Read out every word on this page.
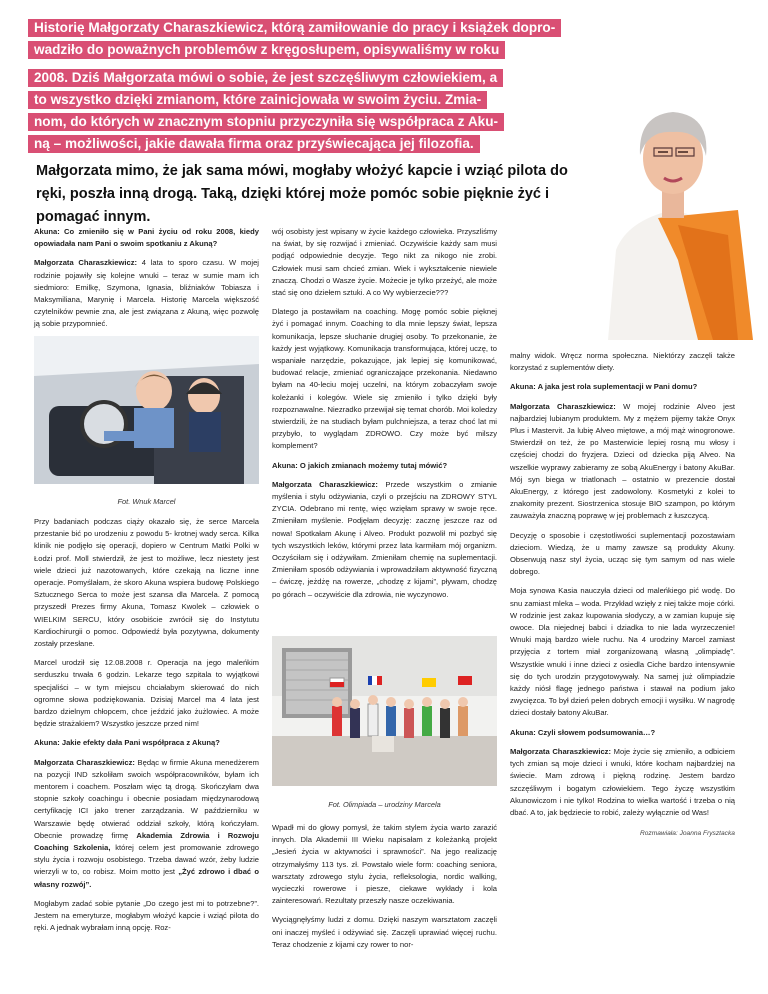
Historię Małgorzaty Charaszkiewicz, którą zamiłowanie do pracy i książek dopro-
wadziło do poważnych problemów z kręgosłupem, opisywaliśmy w roku
2008. Dziś Małgorzata mówi o sobie, że jest szczęśliwym człowiekiem, a
to wszystko dzięki zmianom, które zainicjowała w swoim życiu. Zmia-
nom, do których w znacznym stopniu przyczyniła się współpraca z Aku-
ną – możliwości, jakie dawała firma oraz przyświecająca jej filozofia.
Małgorzata mimo, że jak sama mówi, mogłaby włożyć kapcie i wziąć pilota do ręki, poszła inną drogą. Taką, dzięki której może pomóc sobie pięknie żyć i pomagać innym.

Akuna: Co zmieniło się w Pani życiu od roku 2008, kiedy opowiadała nam Pani o swoim spotkaniu z Akuną?

Małgorzata Charaszkiewicz: 4 lata to sporo czasu. W mojej rodzinie pojawiły się kolejne wnuki – teraz w sumie mam ich siedmioro: Emilkę, Szymona, Ignasia, bliźniaków Tobiasza i Maksymiliana, Marynię i Marcela. Historię Marcela większość czytelników pewnie zna, ale jest związana z Akuną, więc pozwolę ją sobie przypomnieć.

Fot. Wnuk Marcel

Przy badaniach podczas ciąży okazało się, że serce Marcela przestanie bić po urodzeniu z powodu 5- krotnej wady serca. Kilka klinik nie podjęło się operacji, dopiero w Centrum Matki Polki w Łodzi prof. Moll stwierdził, że jest to możliwe, lecz niestety jest wiele dzieci już nazotowanych, które czekają na liczne inne operacje. Pomyślałam, że skoro Akuna wspiera budowę Polskiego Sztucznego Serca to może jest szansa dla Marcela. Z pomocą przyszedł Prezes firmy Akuna, Tomasz Kwolek – człowiek o WIELKIM SERCU, który osobiście zwrócił się do Instytutu Kardiochirurgii o pomoc. Odpowiedź była pozytywna, dokumenty zostały przesłane.

Marcel urodził się 12.08.2008 r. Operacja na jego maleńkim serduszku trwała 6 godzin. Lekarze tego szpitala to wyjątkowi specjaliści – w tym miejscu chciałabym skierować do nich ogromne słowa podziękowania. Dzisiaj Marcel ma 4 lata jest bardzo dzielnym chłopcem, chce jeździć jako żużlowiec. A może będzie strażakiem? Wszystko jeszcze przed nim!

Akuna: Jakie efekty dała Pani współpraca z Akuną?

Małgorzata Charaszkiewicz: Będąc w firmie Akuna menedżerem na pozycji IND szkoliłam swoich współpracowników, byłam ich mentorem i coachem. Poszłam więc tą drogą. Skończyłam dwa stopnie szkoły coachingu i obecnie posiadam międzynarodową certyfikację ICI jako trener zarządzania. W październiku w Warszawie będę otwierać oddział szkoły, którą kończyłam. Obecnie prowadzę firmę Akademia Zdrowia i Rozwoju Coaching Szkolenia, której celem jest promowanie zdrowego stylu życia i rozwoju osobistego. Trzeba dawać wzór, żeby ludzie wierzyli w to, co robisz. Moim motto jest „Żyć zdrowo i dbać o własny rozwój”.

Mogłabym zadać sobie pytanie „Do czego jest mi to potrzebne?”. Jestem na emeryturze, mogłabym włożyć kapcie i wziąć pilota do ręki. A jednak wybrałam inną opcję. Roz-

wój osobisty jest wpisany w życie każdego człowieka. Przyszliśmy na świat, by się rozwijać i zmieniać. Oczywiście każdy sam musi podjąć odpowiednie decyzje. Tego nikt za nikogo nie zrobi. Człowiek musi sam chcieć zmian. Wiek i wykształcenie niewiele znaczą. Chodzi o Wasze życie. Możecie je tylko przeżyć, ale może stać się ono dziełem sztuki. A co Wy wybierzecie???

Dlatego ja postawiłam na coaching. Mogę pomóc sobie pięknej żyć i pomagać innym. Coaching to dla mnie lepszy świat, lepsza komunikacja, lepsze słuchanie drugiej osoby. To przekonanie, że każdy jest wyjątkowy. Komunikacja transformująca, której uczę, to wspaniałe narzędzie, pokazujące, jak lepiej się komunikować, budować relacje, zmieniać ograniczające przekonania. Niedawno byłam na 40-leciu mojej uczelni, na którym zobaczyłam swoje koleżanki i kolegów. Wiele się zmieniło i tylko dzięki były rozpoznawalne. Niezradko przewijał się temat chorób. Moi koledzy stwierdzili, że na studiach byłam pulchniejsza, a teraz choć lat mi przybyło, to wyglądam ZDROWO. Czy może być milszy komplement?

Akuna: O jakich zmianach możemy tutaj mówić?

Małgorzata Charaszkiewicz: Przede wszystkim o zmianie myślenia i stylu odżywiania, czyli o przejściu na ZDROWY STYL ZYCIA. Odebrano mi rentę, więc wzięłam sprawy w swoje ręce. Zmieniłam myślenie. Podjęłam decyzję: zacznę jeszcze raz od nowa! Spotkałam Akunę i Alveo. Produkt pozwolił mi pozbyć się tych wszystkich leków, którymi przez lata karmiłam mój organizm. Oczyściłam się i odżywiłam. Zmieniłam chemię na suplementacji. Zmieniłam sposób odżywiania i wprowadziłam aktywność fizyczną – ćwiczę, jeżdżę na rowerze, „chodzę z kijami”, pływam, chodzę po górach – oczywiście dla zdrowia, nie wyczynowo.

Fot. Olimpiada – urodziny Marcela

Wpadł mi do głowy pomysł, że takim stylem życia warto zarazić innych. Dla Akademii III Wieku napisałam z koleżanką projekt „Jesień życia w aktywności i sprawności”. Na jego realizację otrzymałyśmy 113 tys. zł. Powstało wiele form: coaching seniora, warsztaty zdrowego stylu życia, refleksologia, nordic walking, wycieczki rowerowe i piesze, ciekawe wykłady i kola zainteresowań. Rezultaty przeszły nasze oczekiwania.

Wyciągnęłyśmy ludzi z domu. Dzięki naszym warsztatom zaczęli oni inaczej myśleć i odżywiać się. Zaczęli uprawiać więcej ruchu. Teraz chodzenie z kijami czy rower to nor-

malny widok. Wręcz norma społeczna. Niektórzy zaczęli także korzystać z suplementów diety.

Akuna: A jaka jest rola suplementacji w Pani domu?

Małgorzata Charaszkiewicz: W mojej rodzinie Alveo jest najbardziej lubianym produktem. My z mężem pijemy także Onyx Plus i Mastervit. Ja lubię Alveo miętowe, a mój mąż winogronowe. Stwierdził on też, że po Masterwicie lepiej rosną mu włosy i częściej chodzi do fryzjera. Dzieci od dziecka piją Alveo. Na wszelkie wyprawy zabieramy ze sobą AkuEnergy i batony AkuBar. Mój syn biega w triatlonach – ostatnio w prezencie dostał AkuEnergy, z którego jest zadowolony. Kosmetyki z kolei to znakomity prezent. Siostrzenica stosuje BIO szampon, po którym zauważyła znaczną poprawę w jej problemach z łuszczycą.

Decyzję o sposobie i częstotliwości suplementacji pozostawiam dzieciom. Wiedzą, że u mamy zawsze są produkty Akuny. Obserwują nasz styl życia, ucząc się tym samym od nas wiele dobrego.

Moja synowa Kasia nauczyła dzieci od maleńkiego pić wodę. Do snu zamiast mleka – woda. Przykład wzięły z niej także moje córki. W rodzinie jest zakaz kupowania słodyczy, a w zamian kupuje się owoce. Dla niejednej babci i dziadka to nie lada wyrzeczenie! Wnuki mają bardzo wiele ruchu. Na 4 urodziny Marcel zamiast przyjęcia z tortem miał zorganizowaną własną „olimpiadę”. Wszystkie wnuki i inne dzieci z osiedla Ciche bardzo intensywnie się do tych urodzin przygotowywały. Na samej już olimpiadzie każdy niósł flagę jednego państwa i stawał na podium jako zwycięzca. To był dzień pełen dobrych emocji i wysiłku. W nagrodę dzieci dostały batony AkuBar.

Akuna: Czyli słowem podsumowania…?

Małgorzata Charaszkiewicz: Moje życie się zmieniło, a odbiciem tych zmian są moje dzieci i wnuki, które kocham najbardziej na świecie. Mam zdrową i piękną rodzinę. Jestem bardzo szczęśliwym i bogatym człowiekiem. Tego życzę wszystkim Akunowiczom i nie tylko! Rodzina to wielka wartość i trzeba o nią dbać. A to, jak będziecie to robić, zależy wyłącznie od Was!

Rozmawiała: Joanna Frysztacka
